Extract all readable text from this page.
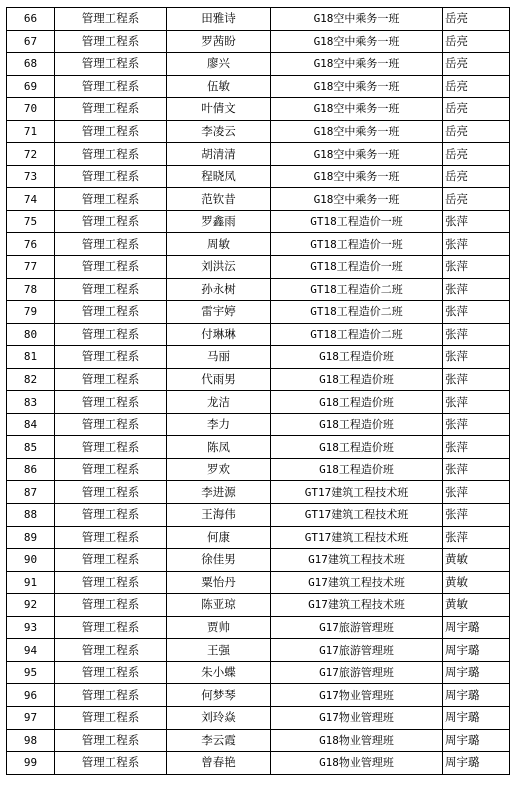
66	管理工程系	田雅诗	G18空中乘务一班	岳亮
67	管理工程系	罗茜盼	G18空中乘务一班	岳亮
68	管理工程系	廖兴	G18空中乘务一班	岳亮
69	管理工程系	伍敏	G18空中乘务一班	岳亮
70	管理工程系	叶倩文	G18空中乘务一班	岳亮
71	管理工程系	李凌云	G18空中乘务一班	岳亮
72	管理工程系	胡清清	G18空中乘务一班	岳亮
73	管理工程系	程晓凤	G18空中乘务一班	岳亮
74	管理工程系	范钦昔	G18空中乘务一班	岳亮
75	管理工程系	罗鑫雨	GT18工程造价一班	张萍
76	管理工程系	周敏	GT18工程造价一班	张萍
77	管理工程系	刘洪沄	GT18工程造价一班	张萍
78	管理工程系	孙永树	GT18工程造价二班	张萍
79	管理工程系	雷宇婷	GT18工程造价二班	张萍
80	管理工程系	付琳琳	GT18工程造价二班	张萍
81	管理工程系	马丽	G18工程造价班	张萍
82	管理工程系	代雨男	G18工程造价班	张萍
83	管理工程系	龙洁	G18工程造价班	张萍
84	管理工程系	李力	G18工程造价班	张萍
85	管理工程系	陈凤	G18工程造价班	张萍
86	管理工程系	罗欢	G18工程造价班	张萍
87	管理工程系	李进源	GT17建筑工程技术班	张萍
88	管理工程系	王海伟	GT17建筑工程技术班	张萍
89	管理工程系	何康	GT17建筑工程技术班	张萍
90	管理工程系	徐佳男	G17建筑工程技术班	黄敏
91	管理工程系	粟怡丹	G17建筑工程技术班	黄敏
92	管理工程系	陈亚琼	G17建筑工程技术班	黄敏
93	管理工程系	贾帅	G17旅游管理班	周宇璐
94	管理工程系	王强	G17旅游管理班	周宇璐
95	管理工程系	朱小蝶	G17旅游管理班	周宇璐
96	管理工程系	何梦琴	G17物业管理班	周宇璐
97	管理工程系	刘玲焱	G17物业管理班	周宇璐
98	管理工程系	李云霞	G18物业管理班	周宇璐
99	管理工程系	曾春艳	G18物业管理班	周宇璐
